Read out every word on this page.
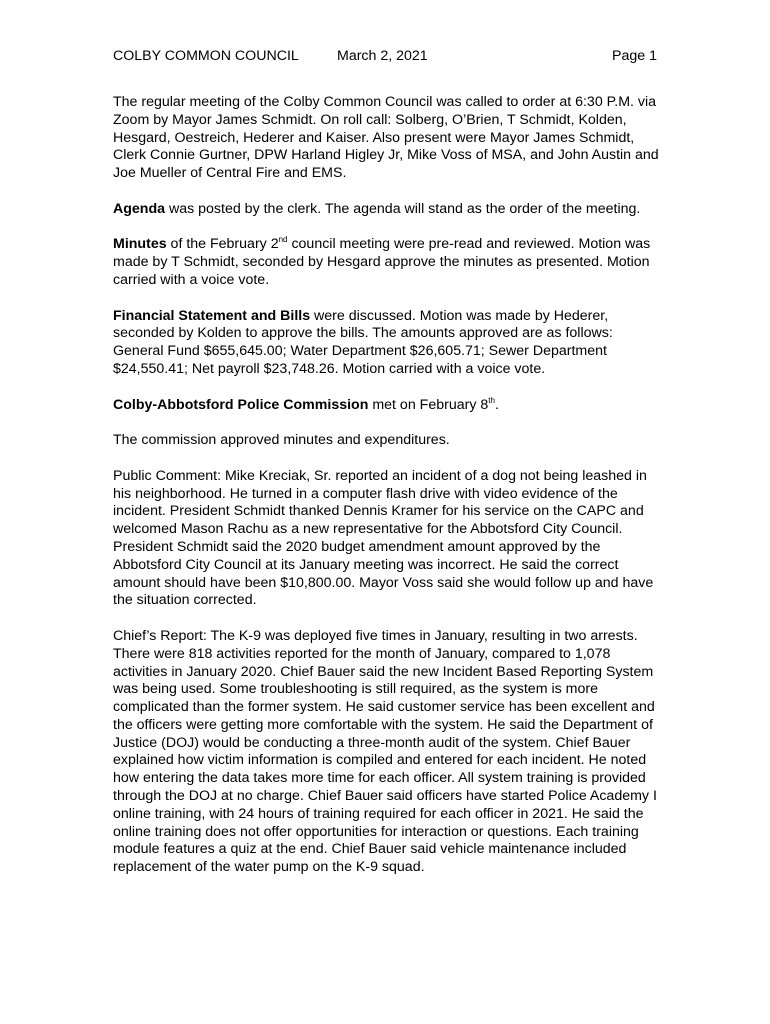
COLBY COMMON COUNCIL	March 2, 2021	Page 1

The regular meeting of the Colby Common Council was called to order at 6:30 P.M. via Zoom by Mayor James Schmidt. On roll call: Solberg, O’Brien, T Schmidt, Kolden, Hesgard, Oestreich, Hederer and Kaiser. Also present were Mayor James Schmidt, Clerk Connie Gurtner, DPW Harland Higley Jr, Mike Voss of MSA, and John Austin and Joe Mueller of Central Fire and EMS.

Agenda was posted by the clerk. The agenda will stand as the order of the meeting.

Minutes of the February 2nd council meeting were pre-read and reviewed. Motion was made by T Schmidt, seconded by Hesgard approve the minutes as presented. Motion carried with a voice vote.

Financial Statement and Bills were discussed. Motion was made by Hederer, seconded by Kolden to approve the bills. The amounts approved are as follows: General Fund $655,645.00; Water Department $26,605.71; Sewer Department $24,550.41; Net payroll $23,748.26. Motion carried with a voice vote.

Colby-Abbotsford Police Commission met on February 8th.

The commission approved minutes and expenditures.

Public Comment: Mike Kreciak, Sr. reported an incident of a dog not being leashed in his neighborhood. He turned in a computer flash drive with video evidence of the incident. President Schmidt thanked Dennis Kramer for his service on the CAPC and welcomed Mason Rachu as a new representative for the Abbotsford City Council. President Schmidt said the 2020 budget amendment amount approved by the Abbotsford City Council at its January meeting was incorrect. He said the correct amount should have been $10,800.00. Mayor Voss said she would follow up and have the situation corrected.

Chief’s Report: The K-9 was deployed five times in January, resulting in two arrests. There were 818 activities reported for the month of January, compared to 1,078 activities in January 2020. Chief Bauer said the new Incident Based Reporting System was being used. Some troubleshooting is still required, as the system is more complicated than the former system. He said customer service has been excellent and the officers were getting more comfortable with the system. He said the Department of Justice (DOJ) would be conducting a three-month audit of the system. Chief Bauer explained how victim information is compiled and entered for each incident. He noted how entering the data takes more time for each officer. All system training is provided through the DOJ at no charge. Chief Bauer said officers have started Police Academy I online training, with 24 hours of training required for each officer in 2021. He said the online training does not offer opportunities for interaction or questions. Each training module features a quiz at the end. Chief Bauer said vehicle maintenance included replacement of the water pump on the K-9 squad.
